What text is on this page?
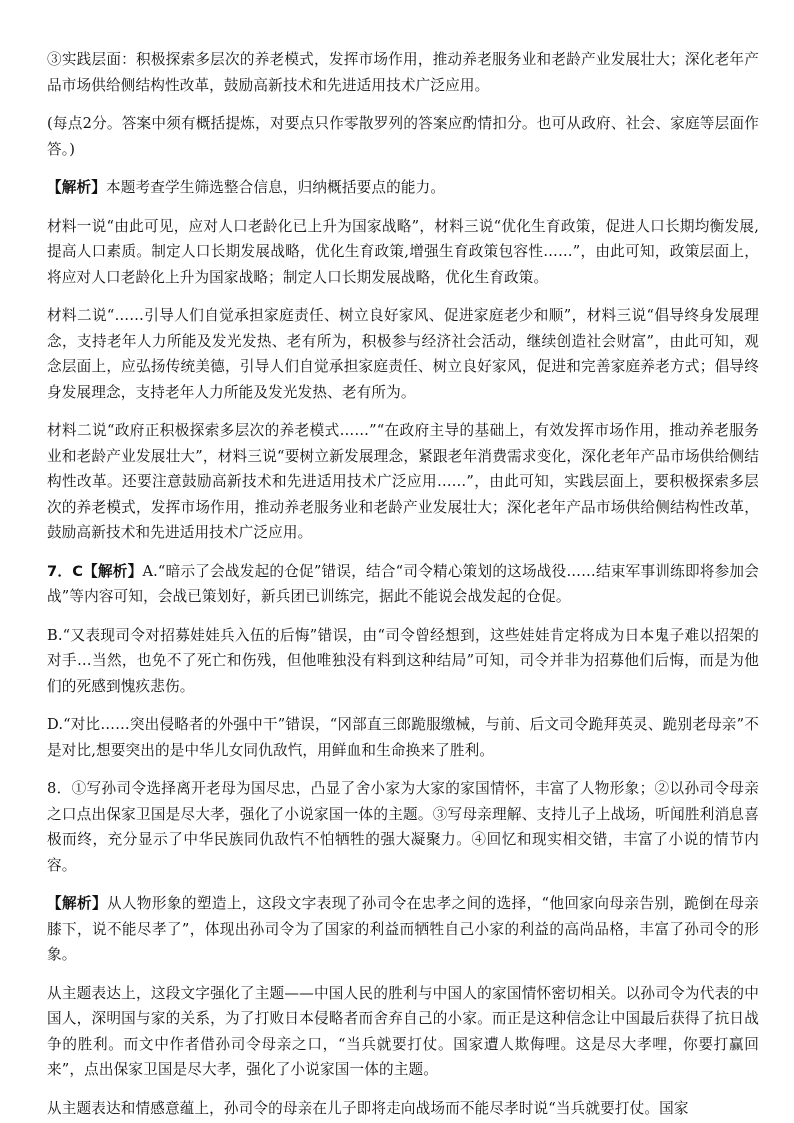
③实践层面：积极探索多层次的养老模式，发挥市场作用，推动养老服务业和老龄产业发展壮大；深化老年产品市场供给侧结构性改革，鼓励高新技术和先进适用技术广泛应用。

(每点2分。答案中须有概括提炼，对要点只作零散罗列的答案应酌情扣分。也可从政府、社会、家庭等层面作答。)

【解析】本题考查学生筛选整合信息，归纳概括要点的能力。

材料一说“由此可见，应对人口老龄化已上升为国家战略”，材料三说“优化生育政策，促进人口长期均衡发展,提高人口素质。制定人口长期发展战略，优化生育政策,增强生育政策包容性……”，由此可知，政策层面上，将应对人口老龄化上升为国家战略；制定人口长期发展战略，优化生育政策。

材料二说“……引导人们自觉承担家庭责任、树立良好家风、促进家庭老少和顺”，材料三说“倡导终身发展理念，支持老年人力所能及发光发热、老有所为，积极参与经济社会活动，继续创造社会财富”，由此可知，观念层面上，应弘扬传统美德，引导人们自觉承担家庭责任、树立良好家风，促进和完善家庭养老方式；倡导终身发展理念，支持老年人力所能及发光发热、老有所为。

材料二说“政府正积极探索多层次的养老模式……”“在政府主导的基础上，有效发挥市场作用，推动养老服务业和老龄产业发展壮大”，材料三说“要树立新发展理念，紧跟老年消费需求变化，深化老年产品市场供给侧结构性改革。还要注意鼓励高新技术和先进适用技术广泛应用……”，由此可知，实践层面上，要积极探索多层次的养老模式，发挥市场作用，推动养老服务业和老龄产业发展壮大；深化老年产品市场供给侧结构性改革，鼓励高新技术和先进适用技术广泛应用。

7．C【解析】A.“暗示了会战发起的仓促”错误，结合“司令精心策划的这场战役……结束军事训练即将参加会战”等内容可知，会战已策划好，新兵团已训练完，据此不能说会战发起的仓促。

B.“又表现司令对招募娃娃兵入伍的后悔”错误，由“司令曾经想到，这些娃娃肯定将成为日本鬼子难以招架的对手…当然，也免不了死亡和伤残，但他唯独没有料到这种结局”可知，司令并非为招募他们后悔，而是为他们的死感到愧疚悲伤。

D.“对比……突出侵略者的外强中干”错误，“冈部直三郎跪服缴械，与前、后文司令跪拜英灵、跪别老母亲”不是对比,想要突出的是中华儿女同仇敌忾，用鲜血和生命换来了胜利。

8．①写孙司令选择离开老母为国尽忠，凸显了舍小家为大家的家国情怀，丰富了人物形象；②以孙司令母亲之口点出保家卫国是尽大孝，强化了小说家国一体的主题。③写母亲理解、支持儿子上战场，听闻胜利消息喜极而终，充分显示了中华民族同仇敌忾不怕牺牲的强大凝聚力。④回忆和现实相交错，丰富了小说的情节内容。

【解析】从人物形象的塑造上，这段文字表现了孙司令在忠孝之间的选择，“他回家向母亲告别，跪倒在母亲膝下，说不能尽孝了”，体现出孙司令为了国家的利益而牺牲自己小家的利益的高尚品格，丰富了孙司令的形象。

从主题表达上，这段文字强化了主题——中国人民的胜利与中国人的家国情怀密切相关。以孙司令为代表的中国人，深明国与家的关系，为了打败日本侵略者而舍弃自己的小家。而正是这种信念让中国最后获得了抗日战争的胜利。而文中作者借孙司令母亲之口，“当兵就要打仗。国家遭人欺侮哩。这是尽大孝哩，你要打赢回来”，点出保家卫国是尽大孝，强化了小说家国一体的主题。

从主题表达和情感意蕴上，孙司令的母亲在儿子即将走向战场而不能尽孝时说“当兵就要打仗。国家
